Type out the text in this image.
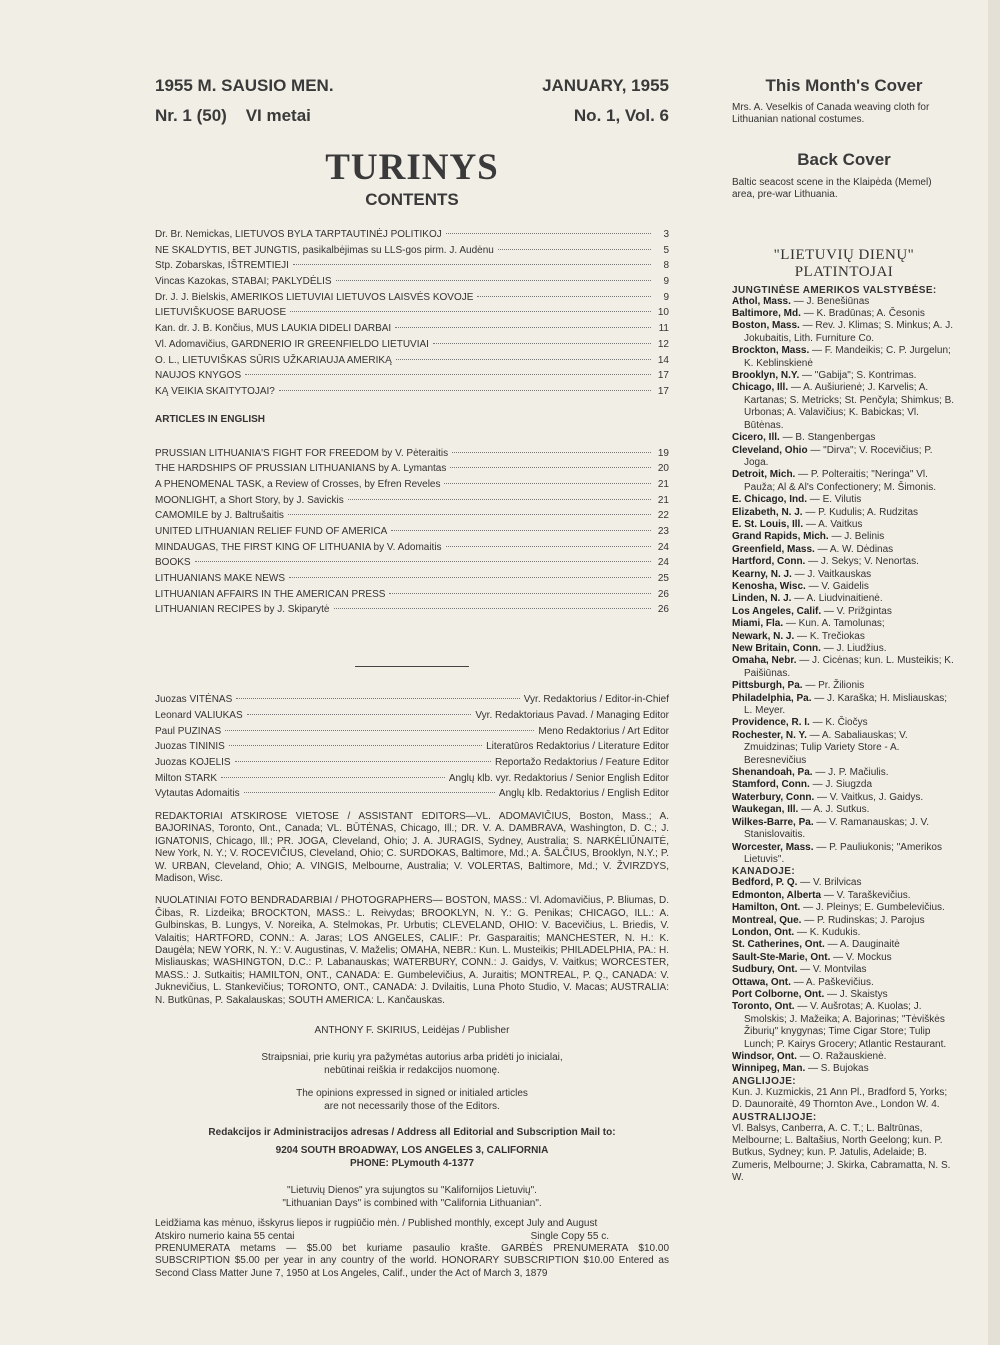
1955 M. SAUSIO MEN.	JANUARY, 1955
Nr. 1 (50)    VI metai	No. 1, Vol. 6
TURINYS
CONTENTS
Dr. Br. Nemickas, LIETUVOS BYLA TARPTAUTINĖJ POLITIKOJ	3
NE SKALDYTIS, BET JUNGTIS, pasikalbėjimas su LLS-gos pirm. J. Audėnu	5
Stp. Zobarskas, IŠTREMTIEJI	8
Vincas Kazokas, STABAI; PAKLYDĖLIS	9
Dr. J. J. Bielskis, AMERIKOS LIETUVIAI LIETUVOS LAISVĖS KOVOJE	9
LIETUVIŠKUOSE BARUOSE	10
Kan. dr. J. B. Končius, MUS LAUKIA DIDELI DARBAI	11
Vl. Adomavičius, GARDNERIO IR GREENFIELDO LIETUVIAI	12
O. L., LIETUVIŠKAS SŪRIS UŽKARIAUJA AMERIKĄ	14
NAUJOS KNYGOS	17
KĄ VEIKIA SKAITYTOJAI?	17
ARTICLES IN ENGLISH
PRUSSIAN LITHUANIA'S FIGHT FOR FREEDOM by V. Pėteraitis	19
THE HARDSHIPS OF PRUSSIAN LITHUANIANS by A. Lymantas	20
A PHENOMENAL TASK, a Review of Crosses, by Efren Reveles	21
MOONLIGHT, a Short Story, by J. Savickis	21
CAMOMILE by J. Baltrušaitis	22
UNITED LITHUANIAN RELIEF FUND OF AMERICA	23
MINDAUGAS, THE FIRST KING OF LITHUANIA by V. Adomaitis	24
BOOKS	24
LITHUANIANS MAKE NEWS	25
LITHUANIAN AFFAIRS IN THE AMERICAN PRESS	26
LITHUANIAN RECIPES by J. Skiparytė	26
Juozas VITĖNAS	Vyr. Redaktorius / Editor-in-Chief
Leonard VALIUKAS	Vyr. Redaktoriaus Pavad. / Managing Editor
Paul PUZINAS	Meno Redaktorius / Art Editor
Juozas TININIS	Literatūros Redaktorius / Literature Editor
Juozas KOJELIS	Reportažo Redaktorius / Feature Editor
Milton STARK	Anglų klb. vyr. Redaktorius / Senior English Editor
Vytautas Adomaitis	Anglų klb. Redaktorius / English Editor
REDAKTORIAI ATSKIROSE VIETOSE / ASSISTANT EDITORS—VL. ADOMAVIČIUS, Boston, Mass.; A. BAJORINAS, Toronto, Ont., Canada; VL. BŪTĖNAS, Chicago, Ill.; DR. V. A. DAMBRAVA, Washington, D. C.; J. IGNATONIS, Chicago, Ill.; PR. JOGA, Cleveland, Ohio; J. A. JURAGIS, Sydney, Australia; S. NARKĖLIŪNAITĖ, New York, N. Y.; V. ROCEVIČIUS, Cleveland, Ohio; C. SURDOKAS, Baltimore, Md.; A. ŠALČIUS, Brooklyn, N.Y.; P. W. URBAN, Cleveland, Ohio; A. VINGIS, Melbourne, Australia; V. VOLERTAS, Baltimore, Md.; V. ŽVIRZDYS, Madison, Wisc.
NUOLATINIAI FOTO BENDRADARBIAI / PHOTOGRAPHERS— BOSTON, MASS.: Vl. Adomavičius, P. Bliumas, D. Čibas, R. Lizdeika; BROCKTON, MASS.: L. Reivydas; BROOKLYN, N. Y.: G. Penikas; CHICAGO, ILL.: A. Gulbinskas, B. Lungys, V. Noreika, A. Stelmokas, Pr. Urbutis; CLEVELAND, OHIO: V. Bacevičius, L. Briedis, V. Valaitis; HARTFORD, CONN.: A. Jaras; LOS ANGELES, CALIF.: Pr. Gasparaitis; MANCHESTER, N. H.: K. Daugėla; NEW YORK, N. Y.: V. Augustinas, V. Maželis; OMAHA, NEBR.: Kun. L. Musteikis; PHILADELPHIA, PA.: H. Misliauskas; WASHINGTON, D.C.: P. Labanauskas; WATERBURY, CONN.: J. Gaidys, V. Vaitkus; WORCESTER, MASS.: J. Sutkaitis; HAMILTON, ONT., CANADA: E. Gumbelevičius, A. Juraitis; MONTREAL, P. Q., CANADA: V. Juknevičius, L. Stankevičius; TORONTO, ONT., CANADA: J. Dvilaitis, Luna Photo Studio, V. Macas; AUSTRALIA: N. Butkūnas, P. Sakalauskas; SOUTH AMERICA: L. Kančauskas.
ANTHONY F. SKIRIUS, Leidėjas / Publisher
Straipsniai, prie kurių yra pažymėtas autorius arba pridėti jo inicialai,
nebūtinai reiškia ir redakcijos nuomonę.
The opinions expressed in signed or initialed articles
are not necessarily those of the Editors.
Redakcijos ir Administracijos adresas / Address all Editorial and Subscription Mail to:
9204 SOUTH BROADWAY, LOS ANGELES 3, CALIFORNIA
PHONE: PLymouth 4-1377
"Lietuvių Dienos" yra sujungtos su "Kalifornijos Lietuvių".
"Lithuanian Days" is combined with "California Lithuanian".
Leidžiama kas mėnuo, išskyrus liepos ir rugpiūčio mėn. / Published monthly, except July and August
Atskiro numerio kaina 55 centai	Single Copy 55 c.
PRENUMERATA metams — $5.00 bet kuriame pasaulio krašte. GARBĖS PRENUMERATA $10.00 SUBSCRIPTION $5.00 per year in any country of the world. HONORARY SUBSCRIPTION $10.00 Entered as Second Class Matter June 7, 1950 at Los Angeles, Calif., under the Act of March 3, 1879
This Month's Cover
Mrs. A. Veselkis of Canada weaving cloth for Lithuanian national costumes.
Back Cover
Baltic seacost scene in the Klaipėda (Memel) area, pre-war Lithuania.
"LIETUVIŲ DIENŲ"
PLATINTOJAI
JUNGTINĖSE AMERIKOS VALSTYBĖSE:
Athol, Mass. — J. Benešiūnas
Baltimore, Md. — K. Bradūnas; A. Česonis
Boston, Mass. — Rev. J. Klimas; S. Minkus; A. J. Jokubaitis, Lith. Furniture Co.
Brockton, Mass. — F. Mandeikis; C. P. Jurgelun; K. Keblinskienė
Brooklyn, N.Y. — "Gabija"; S. Kontrimas.
Chicago, Ill. — A. Aušiurienė; J. Karvelis; A. Kartanas; S. Metricks; St. Penčyla; Shimkus; B. Urbonas; A. Valavičius; K. Babickas; Vl. Būtėnas.
Cicero, Ill. — B. Stangenbergas
Cleveland, Ohio — "Dirva"; V. Rocevičius; P. Joga.
Detroit, Mich. — P. Polteraitis; "Neringa" Vl. Pauža; Al & Al's Confectionery; M. Šimonis.
E. Chicago, Ind. — E. Vilutis
Elizabeth, N. J. — P. Kudulis; A. Rudzitas
E. St. Louis, Ill. — A. Vaitkus
Grand Rapids, Mich. — J. Belinis
Greenfield, Mass. — A. W. Dėdinas
Hartford, Conn. — J. Sekys; V. Nenortas.
Kearny, N. J. — J. Vaitkauskas
Kenosha, Wisc. — V. Gaidelis
Linden, N. J. — A. Liudvinaitienė.
Los Angeles, Calif. — V. Prižgintas
Miami, Fla. — Kun. A. Tamolunas;
Newark, N. J. — K. Trečiokas
New Britain, Conn. — J. Liudžius.
Omaha, Nebr. — J. Cicėnas; kun. L. Musteikis; K. Paišiūnas.
Pittsburgh, Pa. — Pr. Žilionis
Philadelphia, Pa. — J. Karaška; H. Misliauskas; L. Meyer.
Providence, R. I. — K. Čiočys
Rochester, N. Y. — A. Sabaliauskas; V. Zmuidzinas; Tulip Variety Store - A. Beresnevičius
Shenandoah, Pa. — J. P. Mačiulis.
Stamford, Conn. — J. Siugzda
Waterbury, Conn. — V. Vaitkus, J. Gaidys.
Waukegan, Ill. — A. J. Sutkus.
Wilkes-Barre, Pa. — V. Ramanauskas; J. V. Stanislovaitis.
Worcester, Mass. — P. Pauliukonis; "Amerikos Lietuvis".
KANADOJE:
Bedford, P. Q. — V. Brilvicas
Edmonton, Alberta — V. Taraškevičius.
Hamilton, Ont. — J. Pleinys; E. Gumbelevičius.
Montreal, Que. — P. Rudinskas; J. Parojus
London, Ont. — K. Kudukis.
St. Catherines, Ont. — A. Dauginaitė
Sault-Ste-Marie, Ont. — V. Mockus
Sudbury, Ont. — V. Montvilas
Ottawa, Ont. — A. Paškevičius.
Port Colborne, Ont. — J. Skaistys
Toronto, Ont. — V. Aušrotas; A. Kuolas; J. Smolskis; J. Mažeika; A. Bajorinas; "Tėviškės Žiburių" knygynas; Time Cigar Store; Tulip Lunch; P. Kairys Grocery; Atlantic Restaurant.
Windsor, Ont. — O. Ražauskienė.
Winnipeg, Man. — S. Bujokas
ANGLIJOJE:
Kun. J. Kuzmickis, 21 Ann Pl., Bradford 5, Yorks;
D. Daunoraitė, 49 Thornton Ave., London W. 4.
AUSTRALIJOJE:
Vl. Balsys, Canberra, A. C. T.; L. Baltrūnas, Melbourne; L. Baltašius, North Geelong; kun. P. Butkus, Sydney; kun. P. Jatulis, Adelaide; B. Zumeris, Melbourne; J. Skirka, Cabramatta, N. S. W.
